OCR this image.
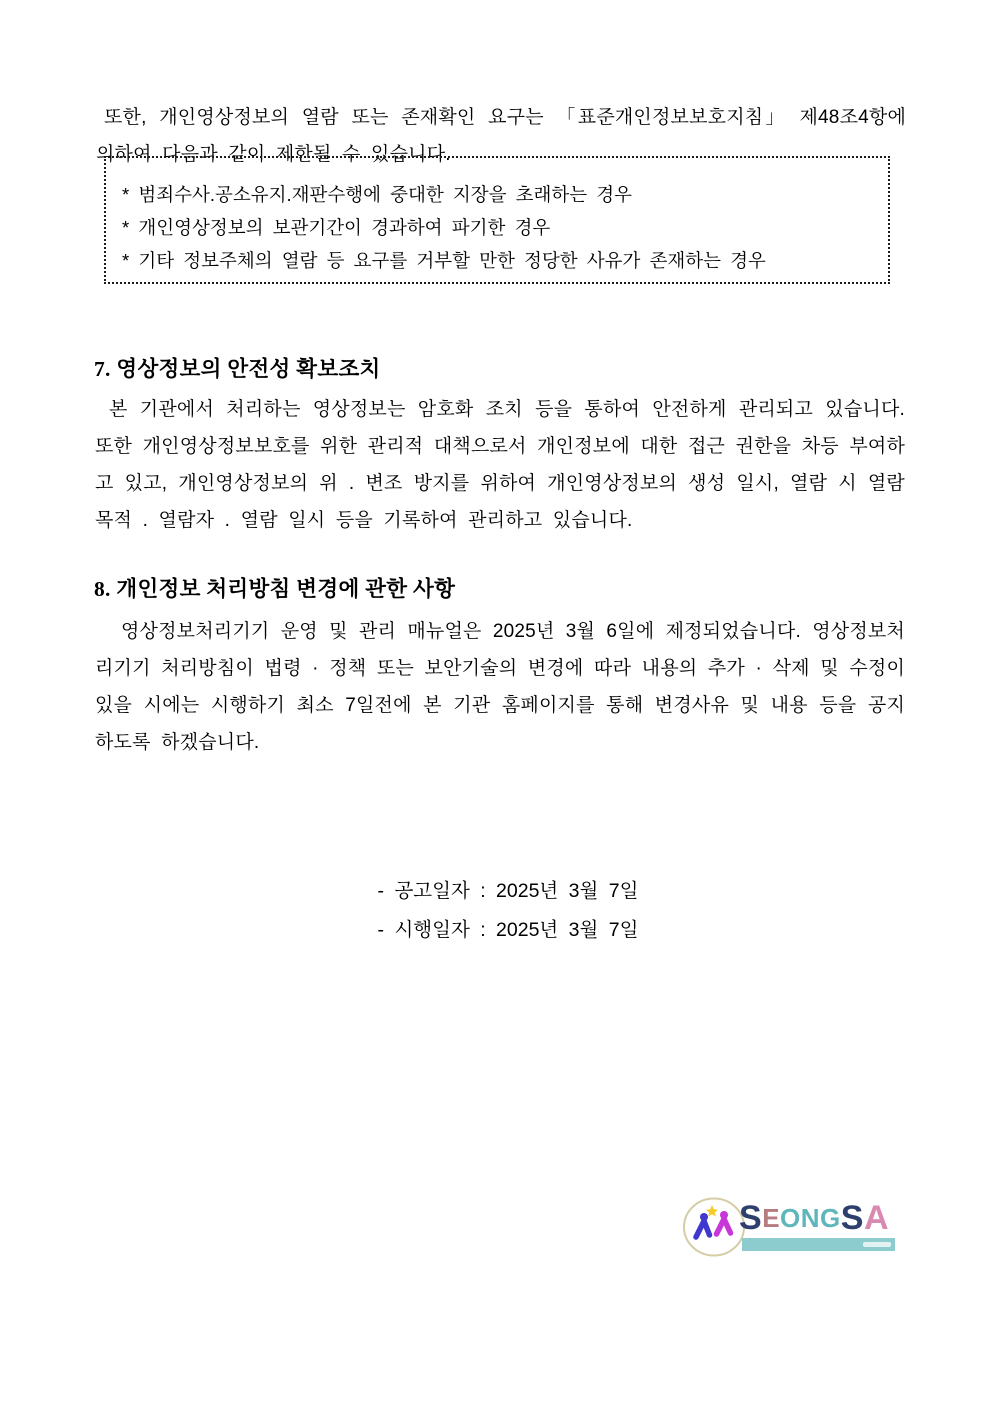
또한, 개인영상정보의 열람 또는 존재확인 요구는 「표준개인정보보호지침」 제48조4항에 의하여 다음과 같이 제한될 수 있습니다.

* 범죄수사.공소유지.재판수행에 중대한 지장을 초래하는 경우
* 개인영상정보의 보관기간이 경과하여 파기한 경우
* 기타 정보주체의 열람 등 요구를 거부할 만한 정당한 사유가 존재하는 경우
7. 영상정보의 안전성 확보조치

본 기관에서 처리하는 영상정보는 암호화 조치 등을 통하여 안전하게 관리되고 있습니다. 또한 개인영상정보보호를 위한 관리적 대책으로서 개인정보에 대한 접근 권한을 차등 부여하고 있고, 개인영상정보의 위 . 변조 방지를 위하여 개인영상정보의 생성 일시, 열람 시 열람 목적 . 열람자 . 열람 일시 등을 기록하여 관리하고 있습니다.

8. 개인정보 처리방침 변경에 관한 사항

영상정보처리기기 운영 및 관리 매뉴얼은 2025년 3월 6일에 제정되었습니다. 영상정보처리기기 처리방침이 법령 · 정책 또는 보안기술의 변경에 따라 내용의 추가 · 삭제 및 수정이 있을 시에는 시행하기 최소 7일전에 본 기관 홈페이지를 통해 변경사유 및 내용 등을 공지하도록 하겠습니다.

- 공고일자 : 2025년 3월 7일
- 시행일자 : 2025년 3월 7일
S E O N G S A
